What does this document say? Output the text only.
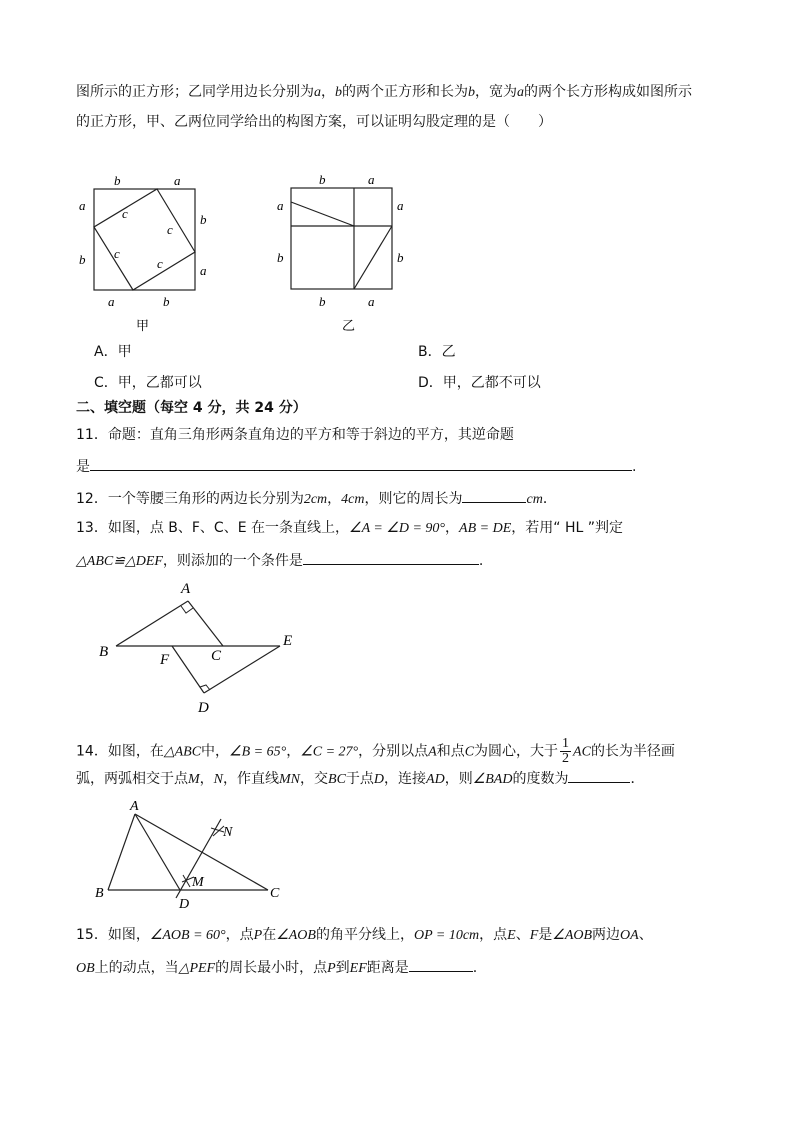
图所示的正方形；乙同学用边长分别为a，b的两个正方形和长为b，宽为a的两个长方形构成如图所示
的正方形，甲、乙两位同学给出的构图方案，可以证明勾股定理的是（　　）
b	a
a
b
c
c
c
c
b
a
a	b
甲
b	a
a	a
b	b
b	a
乙
A．甲	B．乙
C．甲，乙都可以	D．甲，乙都不可以
二、填空题（每空 4 分，共 24 分）
11．命题：直角三角形两条直角边的平方和等于斜边的平方，其逆命题
是	.
12．一个等腰三角形的两边长分别为2cm，4cm，则它的周长为	cm．
13．如图，点 B、F、C、E 在一条直线上，∠A = ∠D = 90°，AB = DE，若用“ HL ”判定
△ABC≌△DEF，则添加的一个条件是	.
A
B	F	C
E
D
14．如图，在△ABC中，∠B = 65°，∠C = 27°，分别以点A和点C为圆心，大于 $\frac{1}{2}$ AC的长为半径画
弧，两弧相交于点M，N，作直线MN，交BC于点D，连接AD，则∠BAD的度数为	．
A
N
M
B
D
C
15．如图，∠AOB = 60°，点P在∠AOB的角平分线上，OP = 10cm，点E、F是∠AOB两边OA、
OB上的动点，当△PEF的周长最小时，点P到EF距离是	.
